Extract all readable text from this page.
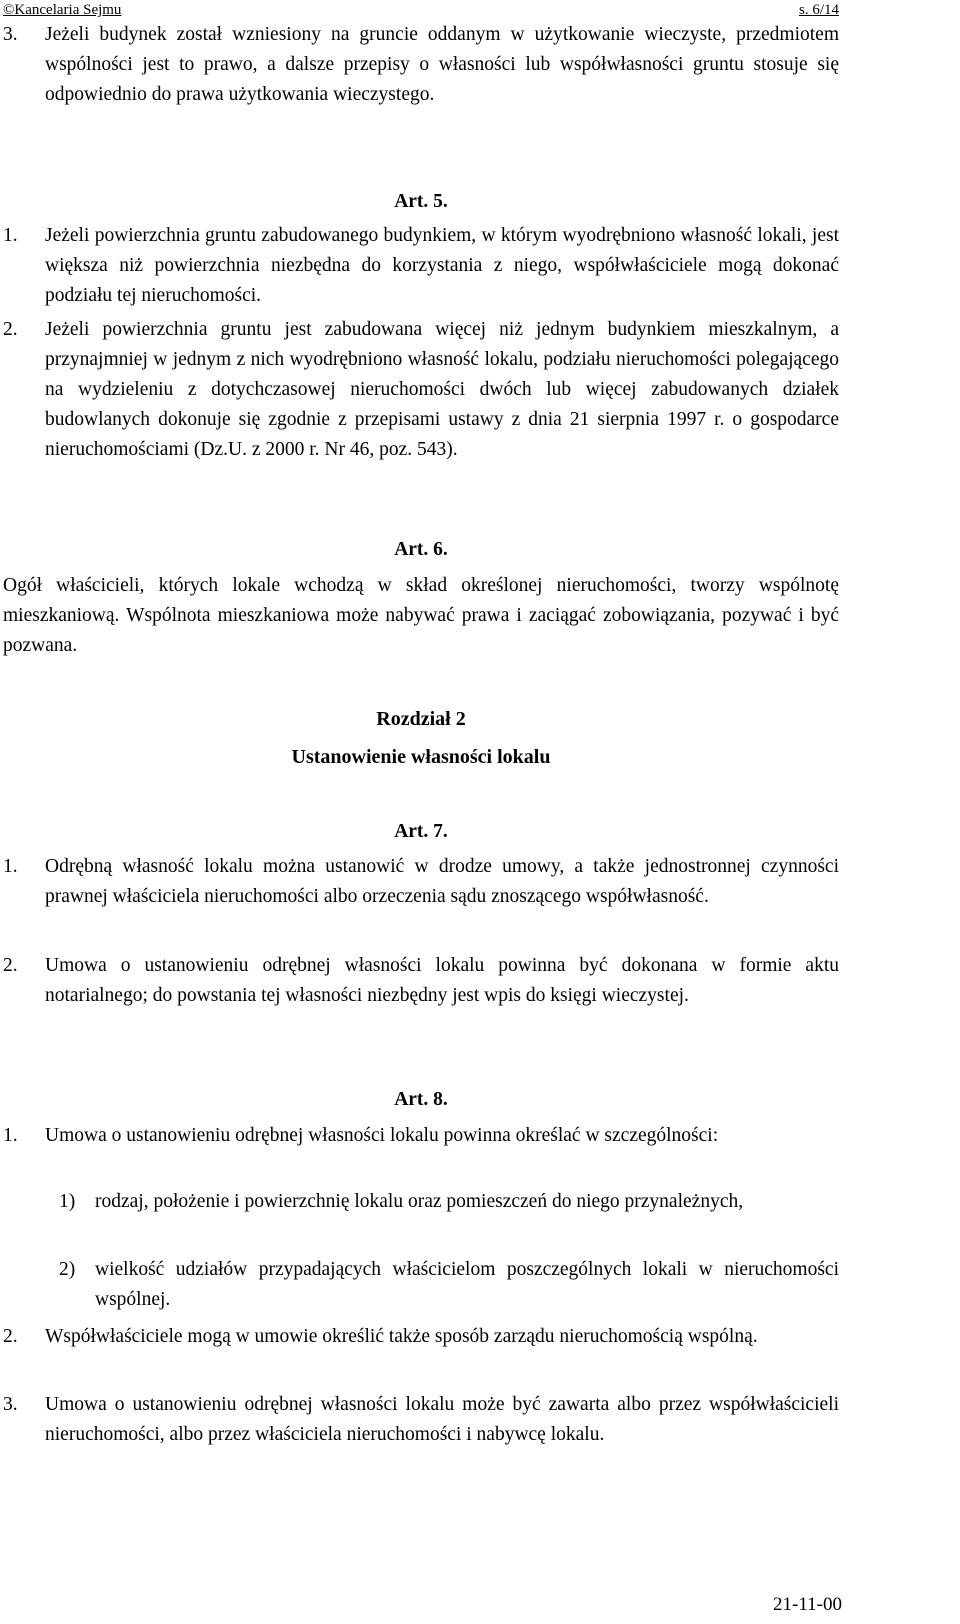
©Kancelaria Sejmu	s. 6/14
3.	Jeżeli budynek został wzniesiony na gruncie oddanym w użytkowanie wieczyste, przedmiotem wspólności jest to prawo, a dalsze przepisy o własności lub współwłasności gruntu stosuje się odpowiednio do prawa użytkowania wieczystego.
Art. 5.
1.	Jeżeli powierzchnia gruntu zabudowanego budynkiem, w którym wyodrębniono własność lokali, jest większa niż powierzchnia niezbędna do korzystania z niego, współwłaściciele mogą dokonać podziału tej nieruchomości.
2.	Jeżeli powierzchnia gruntu jest zabudowana więcej niż jednym budynkiem mieszkalnym, a przynajmniej w jednym z nich wyodrębniono własność lokalu, podziału nieruchomości polegającego na wydzieleniu z dotychczasowej nieruchomości dwóch lub więcej zabudowanych działek budowlanych dokonuje się zgodnie z przepisami ustawy z dnia 21 sierpnia 1997 r. o gospodarce nieruchomościami (Dz.U. z 2000 r. Nr 46, poz. 543).
Art. 6.
Ogół właścicieli, których lokale wchodzą w skład określonej nieruchomości, tworzy wspólnotę mieszkaniową. Wspólnota mieszkaniowa może nabywać prawa i zaciągać zobowiązania, pozywać i być pozwana.
Rozdział 2
Ustanowienie własności lokalu
Art. 7.
1.	Odrębną własność lokalu można ustanowić w drodze umowy, a także jednostronnej czynności prawnej właściciela nieruchomości albo orzeczenia sądu znoszącego współwłasność.
2.	Umowa o ustanowieniu odrębnej własności lokalu powinna być dokonana w formie aktu notarialnego; do powstania tej własności niezbędny jest wpis do księgi wieczystej.
Art. 8.
1.	Umowa o ustanowieniu odrębnej własności lokalu powinna określać w szczególności:
1)	rodzaj, położenie i powierzchnię lokalu oraz pomieszczeń do niego przynależnych,
2)	wielkość udziałów przypadających właścicielom poszczególnych lokali w nieruchomości wspólnej.
2.	Współwłaściciele mogą w umowie określić także sposób zarządu nieruchomością wspólną.
3.	Umowa o ustanowieniu odrębnej własności lokalu może być zawarta albo przez współwłaścicieli nieruchomości, albo przez właściciela nieruchomości i nabywcę lokalu.
21-11-00
